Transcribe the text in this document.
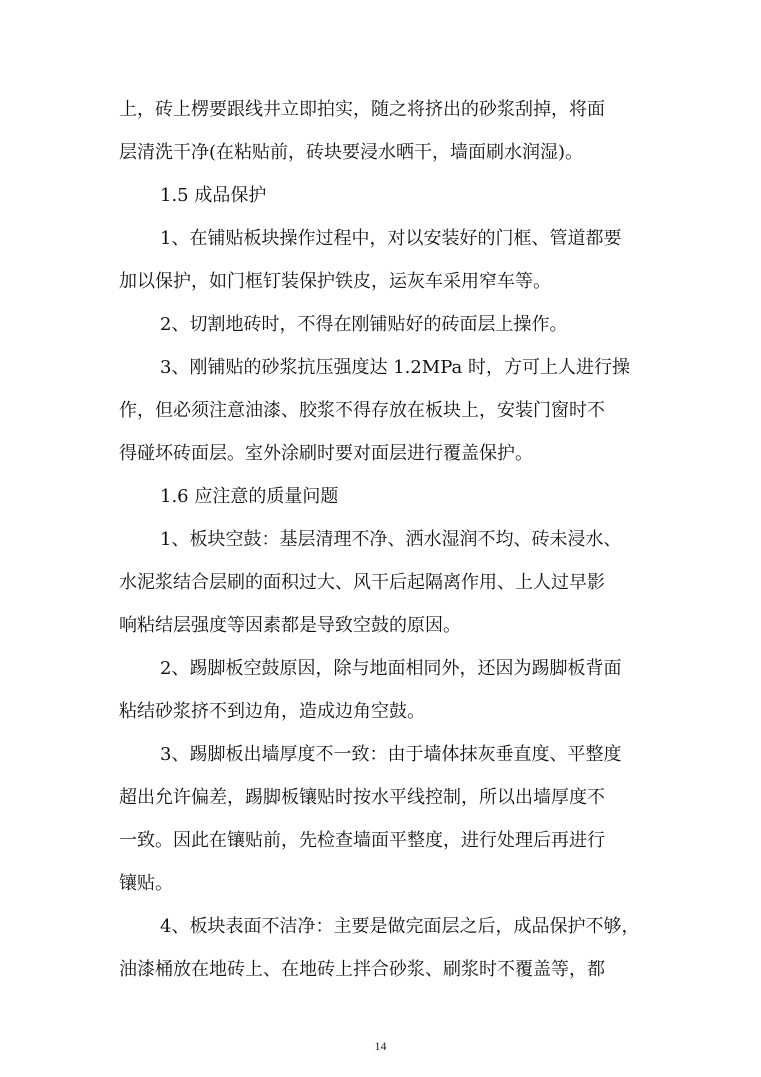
上，砖上楞要跟线井立即拍实，随之将挤出的砂浆刮掉，将面
层清洗干净(在粘贴前，砖块要浸水晒干，墙面刷水润湿)。
1.5 成品保护
1、在铺贴板块操作过程中，对以安装好的门框、管道都要
加以保护，如门框钉装保护铁皮，运灰车采用窄车等。
2、切割地砖时，不得在刚铺贴好的砖面层上操作。
3、刚铺贴的砂浆抗压强度达 1.2MPa 时，方可上人进行操
作，但必须注意油漆、胶浆不得存放在板块上，安装门窗时不
得碰坏砖面层。室外涂刷时要对面层进行覆盖保护。
1.6 应注意的质量问题
1、板块空鼓：基层清理不净、洒水湿润不均、砖未浸水、
水泥浆结合层刷的面积过大、风干后起隔离作用、上人过早影
响粘结层强度等因素都是导致空鼓的原因。
2、踢脚板空鼓原因，除与地面相同外，还因为踢脚板背面
粘结砂浆挤不到边角，造成边角空鼓。
3、踢脚板出墙厚度不一致：由于墙体抹灰垂直度、平整度
超出允许偏差，踢脚板镶贴时按水平线控制，所以出墙厚度不
一致。因此在镶贴前，先检查墙面平整度，进行处理后再进行
镶贴。
4、板块表面不洁净：主要是做完面层之后，成品保护不够，
油漆桶放在地砖上、在地砖上拌合砂浆、刷浆时不覆盖等，都
14
